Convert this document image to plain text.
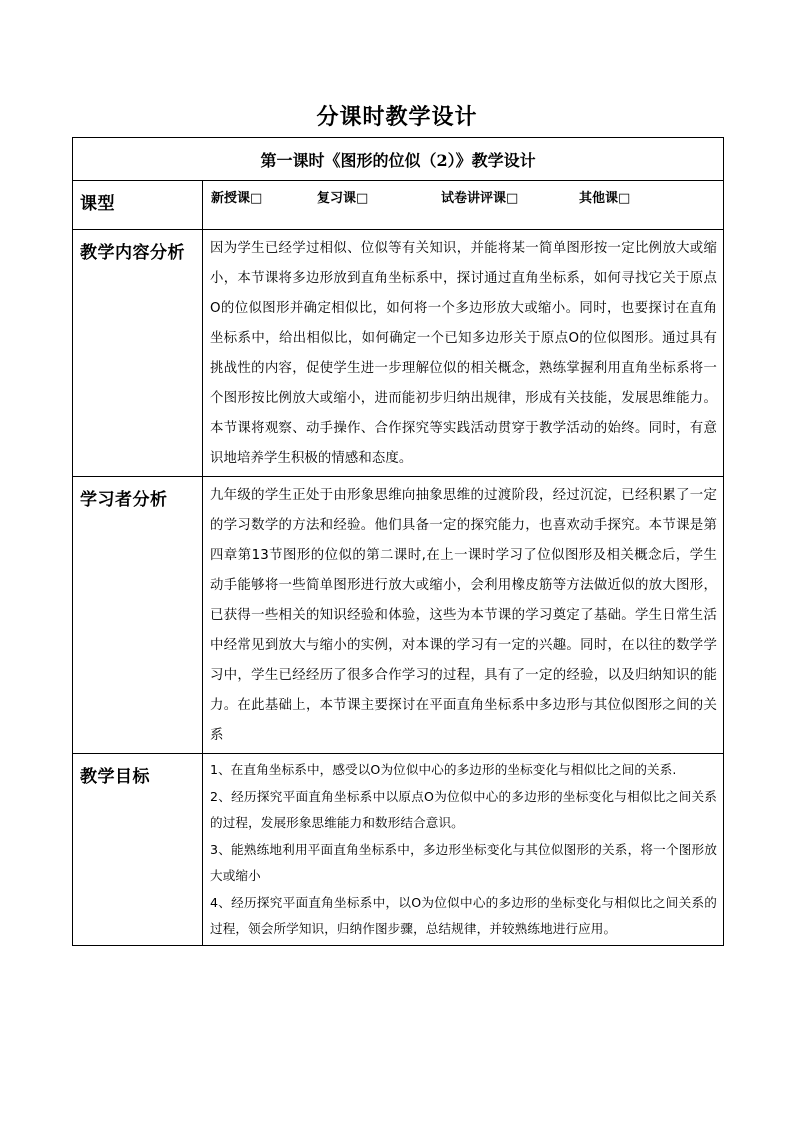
分课时教学设计
第一课时《图形的位似（2）》教学设计	
课型	新授课□ 复习课□ 试卷讲评课□ 其他课□

教学内容分析	因为学生已经学过相似、位似等有关知识，并能将某一简单图形按一定比例放大或缩小，本节课将多边形放到直角坐标系中，探讨通过直角坐标系，如何寻找它关于原点O的位似图形并确定相似比，如何将一个多边形放大或缩小。同时，也要探讨在直角坐标系中，给出相似比，如何确定一个已知多边形关于原点O的位似图形。通过具有挑战性的内容，促使学生进一步理解位似的相关概念，熟练掌握利用直角坐标系将一个图形按比例放大或缩小，进而能初步归纳出规律，形成有关技能，发展思维能力。本节课将观察、动手操作、合作探究等实践活动贯穿于教学活动的始终。同时，有意识地培养学生积极的情感和态度。

学习者分析	九年级的学生正处于由形象思维向抽象思维的过渡阶段，经过沉淀，已经积累了一定的学习数学的方法和经验。他们具备一定的探究能力，也喜欢动手探究。本节课是第四章第13节图形的位似的第二课时,在上一课时学习了位似图形及相关概念后，学生动手能够将一些简单图形进行放大或缩小，会利用橡皮筋等方法做近似的放大图形，已获得一些相关的知识经验和体验，这些为本节课的学习奠定了基础。学生日常生活中经常见到放大与缩小的实例，对本课的学习有一定的兴趣。同时，在以往的数学学习中，学生已经经历了很多合作学习的过程，具有了一定的经验，以及归纳知识的能力。在此基础上，本节课主要探讨在平面直角坐标系中多边形与其位似图形之间的关系

教学目标	1、在直角坐标系中，感受以O为位似中心的多边形的坐标变化与相似比之间的关系.
2、经历探究平面直角坐标系中以原点O为位似中心的多边形的坐标变化与相似比之间关系的过程，发展形象思维能力和数形结合意识。
3、能熟练地利用平面直角坐标系中，多边形坐标变化与其位似图形的关系，将一个图形放大或缩小
4、经历探究平面直角坐标系中，以O为位似中心的多边形的坐标变化与相似比之间关系的过程，领会所学知识，归纳作图步骤，总结规律，并较熟练地进行应用。
